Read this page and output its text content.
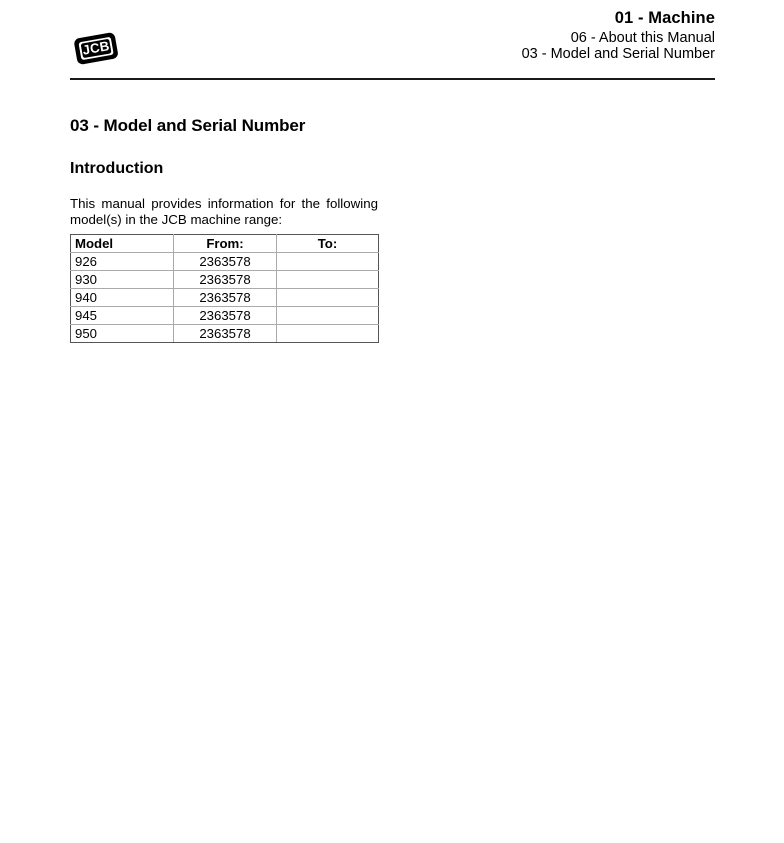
JCB
01 - Machine
06 - About this Manual
03 - Model and Serial Number
03 - Model and Serial Number
Introduction

This manual provides information for the following model(s) in the JCB machine range:

Model	From:	To:
926	2363578	
930	2363578	
940	2363578	
945	2363578	
950	2363578	
